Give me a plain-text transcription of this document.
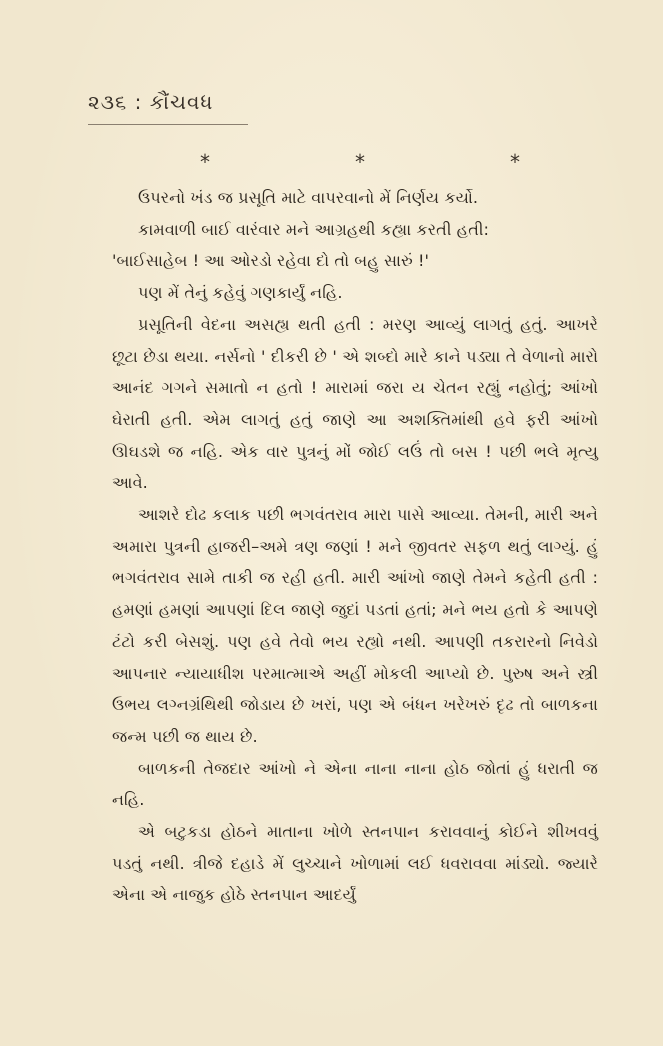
૨૩૬ : કૌંચવધ
*	*	*

ઉપરનો ખંડ જ પ્રસૂતિ માટે વાપરવાનો મેં નિર્ણય કર્યો.

કામવાળી બાઈ વારંવાર મને આગ્રહથી કહ્યા કરતી હતી:

'બાઈસાહેબ ! આ ઓરડો રહેવા દો તો બહુ સારું !'

પણ મેં તેનું કહેવું ગણકાર્યું નહિ.

પ્રસૂતિની વેદના અસહ્ય થતી હતી : મરણ આવ્યું લાગતું હતું. આખરે છૂટા છેડા થયા. નર્સનો ' દીકરી છે ' એ શબ્દો મારે કાને પડ્યા તે વેળાનો મારો આનંદ ગગને સમાતો ન હતો ! મારામાં જરા ય ચેતન રહ્યું નહોતું; આંખો ઘેરાતી હતી. એમ લાગતું હતું જાણે આ અશક્તિમાંથી હવે ફરી આંખો ઊઘડશે જ નહિ. એક વાર પુત્રનું મોં જોઈ લઉં તો બસ ! પછી ભલે મૃત્યુ આવે.

આશરે દોઢ કલાક પછી ભગવંતરાવ મારા પાસે આવ્યા. તેમની, મારી અને અમારા પુત્રની હાજરી–અમે ત્રણ જણાં ! મને જીવતર સફળ થતું લાગ્યું. હું ભગવંતરાવ સામે તાકી જ રહી હતી. મારી આંખો જાણે તેમને કહેતી હતી : હમણાં હમણાં આપણાં દિલ જાણે જુદાં પડતાં હતાં; મને ભય હતો કે આપણે ટંટો કરી બેસશું. પણ હવે તેવો ભય રહ્યો નથી. આપણી તકરારનો નિવેડો આપનાર ન્યાયાધીશ પરમાત્માએ અહીં મોકલી આપ્યો છે. પુરુષ અને સ્ત્રી ઉભય લગ્નગ્રંથિથી જોડાય છે ખરાં, પણ એ બંધન ખરેખરું દૃઢ તો બાળકના જન્મ પછી જ થાય છે.

બાળકની તેજદાર આંખો ને એના નાના નાના હોઠ જોતાં હું ધરાતી જ નહિ.

એ બટુકડા હોઠને માતાના ખોળે સ્તનપાન કરાવવાનું કોઈને શીખવવું પડતું નથી. ત્રીજે દહાડે મેં લુચ્ચાને ખોળામાં લઈ ધવરાવવા માંડ્યો. જ્યારે એના એ નાજુક હોઠે સ્તનપાન આદર્યું
